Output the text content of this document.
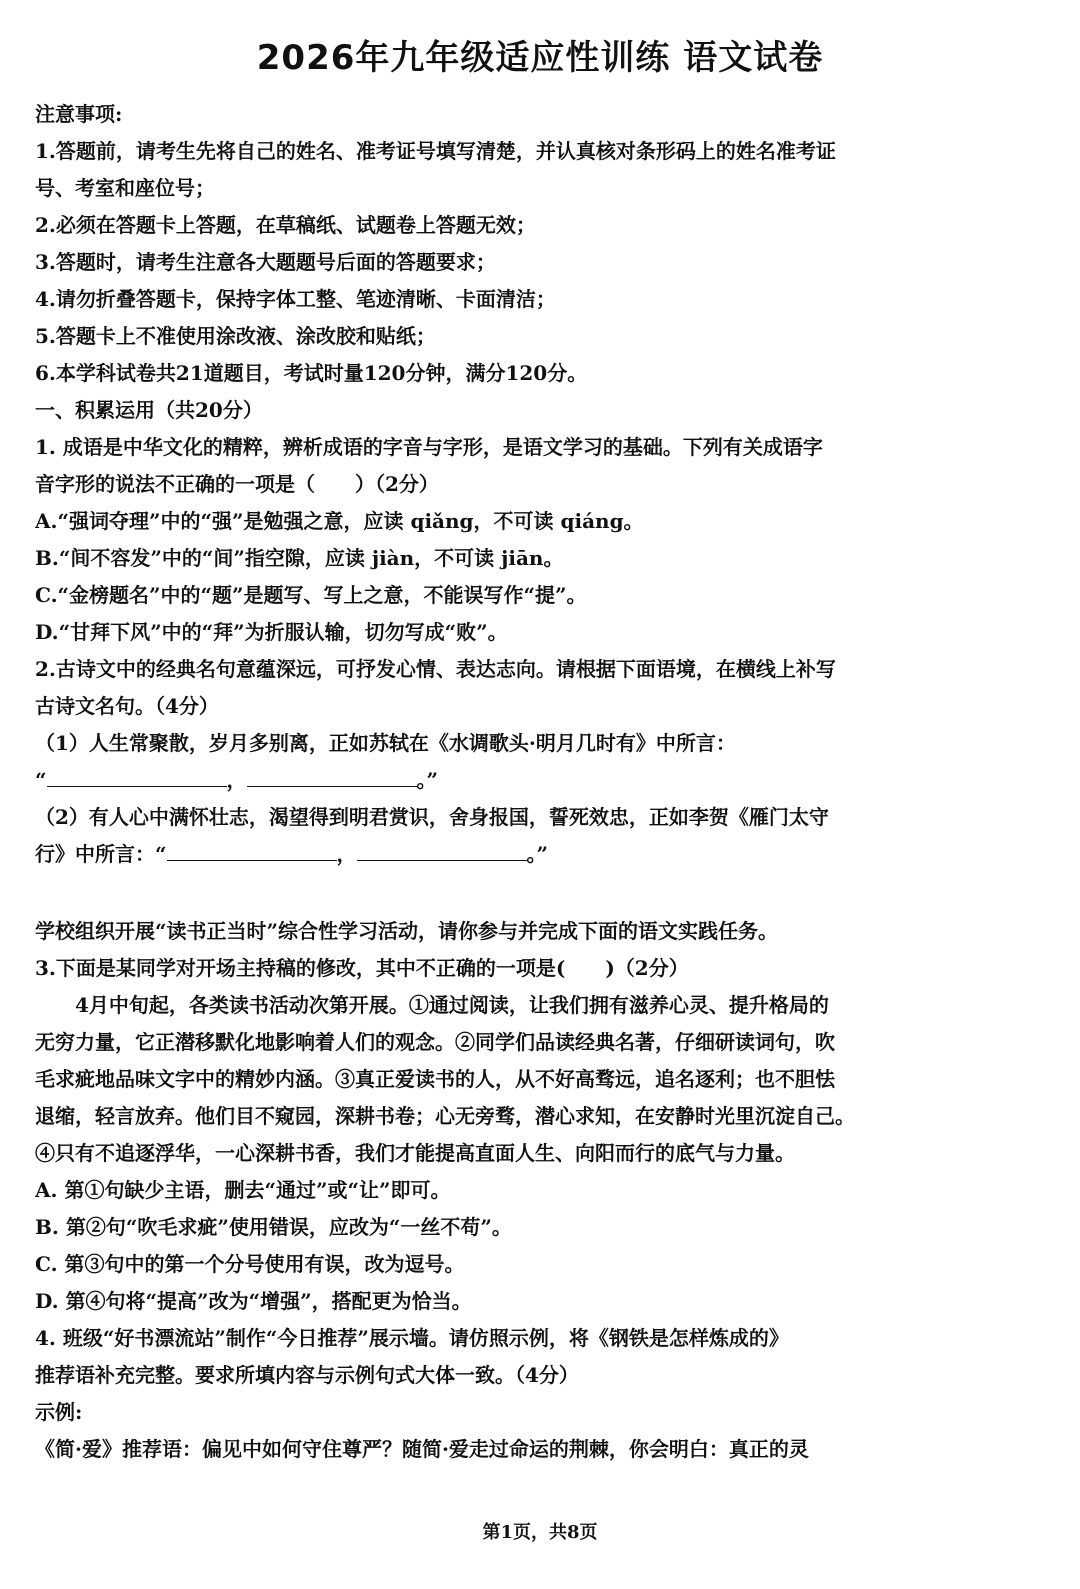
2026年九年级适应性训练 语文试卷
注意事项:
1.答题前，请考生先将自己的姓名、准考证号填写清楚，并认真核对条形码上的姓名准考证
号、考室和座位号；
2.必须在答题卡上答题，在草稿纸、试题卷上答题无效；
3.答题时，请考生注意各大题题号后面的答题要求；
4.请勿折叠答题卡，保持字体工整、笔迹清晰、卡面清洁；
5.答题卡上不准使用涂改液、涂改胶和贴纸；
6.本学科试卷共21道题目，考试时量120分钟，满分120分。
一、积累运用（共20分）
1. 成语是中华文化的精粹，辨析成语的字音与字形，是语文学习的基础。下列有关成语字
音字形的说法不正确的一项是（　　）（2分）
A.“强词夺理”中的“强”是勉强之意，应读 qiǎng，不可读 qiáng。
B.“间不容发”中的“间”指空隙，应读 jiàn，不可读 jiān。
C.“金榜题名”中的“题”是题写、写上之意，不能误写作“提”。
D.“甘拜下风”中的“拜”为折服认输，切勿写成“败”。
2.古诗文中的经典名句意蕴深远，可抒发心情、表达志向。请根据下面语境，在横线上补写
古诗文名句。（4分）
（1）人生常聚散，岁月多别离，正如苏轼在《水调歌头·明月几时有》中所言：
“	，	。”
（2）有人心中满怀壮志，渴望得到明君赏识，舍身报国，誓死效忠，正如李贺《雁门太守
行》中所言：“	，	。”
学校组织开展“读书正当时”综合性学习活动，请你参与并完成下面的语文实践任务。
3.下面是某同学对开场主持稿的修改，其中不正确的一项是(　　)（2分）
4月中旬起，各类读书活动次第开展。①通过阅读，让我们拥有滋养心灵、提升格局的
无穷力量，它正潜移默化地影响着人们的观念。②同学们品读经典名著，仔细研读词句，吹
毛求疵地品味文字中的精妙内涵。③真正爱读书的人，从不好高骛远，追名逐利；也不胆怯
退缩，轻言放弃。他们目不窥园，深耕书卷；心无旁骛，潜心求知，在安静时光里沉淀自己。
④只有不追逐浮华，一心深耕书香，我们才能提高直面人生、向阳而行的底气与力量。
A. 第①句缺少主语，删去“通过”或“让”即可。
B. 第②句“吹毛求疵”使用错误，应改为“一丝不苟”。
C. 第③句中的第一个分号使用有误，改为逗号。
D. 第④句将“提高”改为“增强”，搭配更为恰当。
4. 班级“好书漂流站”制作“今日推荐”展示墙。请仿照示例，将《钢铁是怎样炼成的》
推荐语补充完整。要求所填内容与示例句式大体一致。（4分）
示例:
《简·爱》推荐语：偏见中如何守住尊严？随简·爱走过命运的荆棘，你会明白：真正的灵
第1页，共8页
